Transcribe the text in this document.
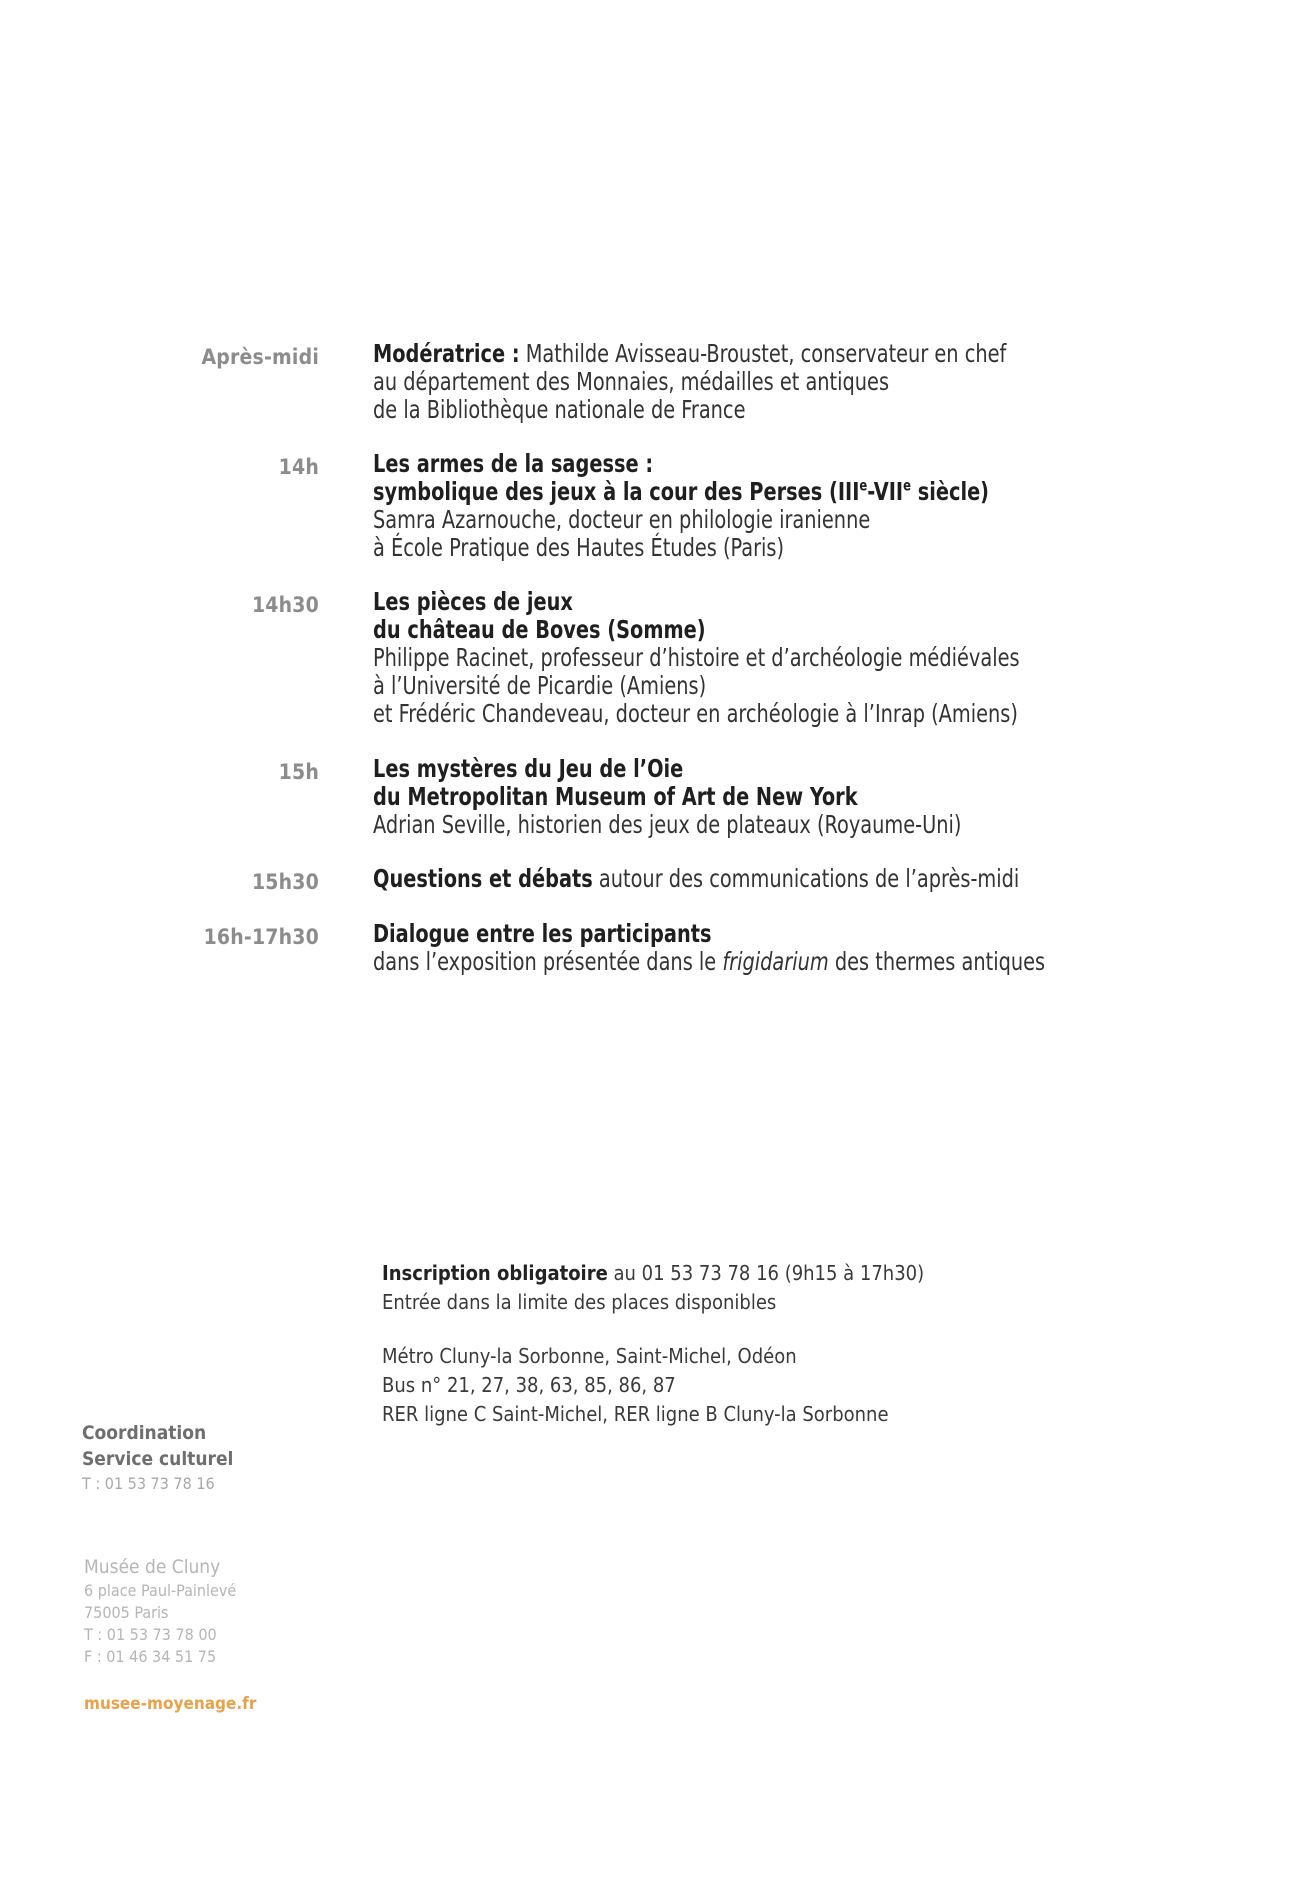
Après-midi Modératrice : Mathilde Avisseau-Broustet, conservateur en chef
au département des Monnaies, médailles et antiques
de la Bibliothèque nationale de France
14h Les armes de la sagesse :
symbolique des jeux à la cour des Perses (IIIe-VIIe siècle)
Samra Azarnouche, docteur en philologie iranienne
à École Pratique des Hautes Études (Paris)
14h30 Les pièces de jeux
du château de Boves (Somme)
Philippe Racinet, professeur d’histoire et d’archéologie médiévales
à l’Université de Picardie (Amiens)
et Frédéric Chandeveau, docteur en archéologie à l’Inrap (Amiens)
15h Les mystères du Jeu de l’Oie
du Metropolitan Museum of Art de New York
Adrian Seville, historien des jeux de plateaux (Royaume-Uni)
15h30 Questions et débats autour des communications de l’après-midi
16h-17h30 Dialogue entre les participants
dans l’exposition présentée dans le frigidarium des thermes antiques
Inscription obligatoire au 01 53 73 78 16 (9h15 à 17h30)
Entrée dans la limite des places disponibles
Métro Cluny-la Sorbonne, Saint-Michel, Odéon
Bus n° 21, 27, 38, 63, 85, 86, 87
RER ligne C Saint-Michel, RER ligne B Cluny-la Sorbonne
Coordination
Service culturel
T : 01 53 73 78 16
Musée de Cluny
6 place Paul-Painlevé
75005 Paris
T : 01 53 73 78 00
F : 01 46 34 51 75
musee-moyenage.fr
